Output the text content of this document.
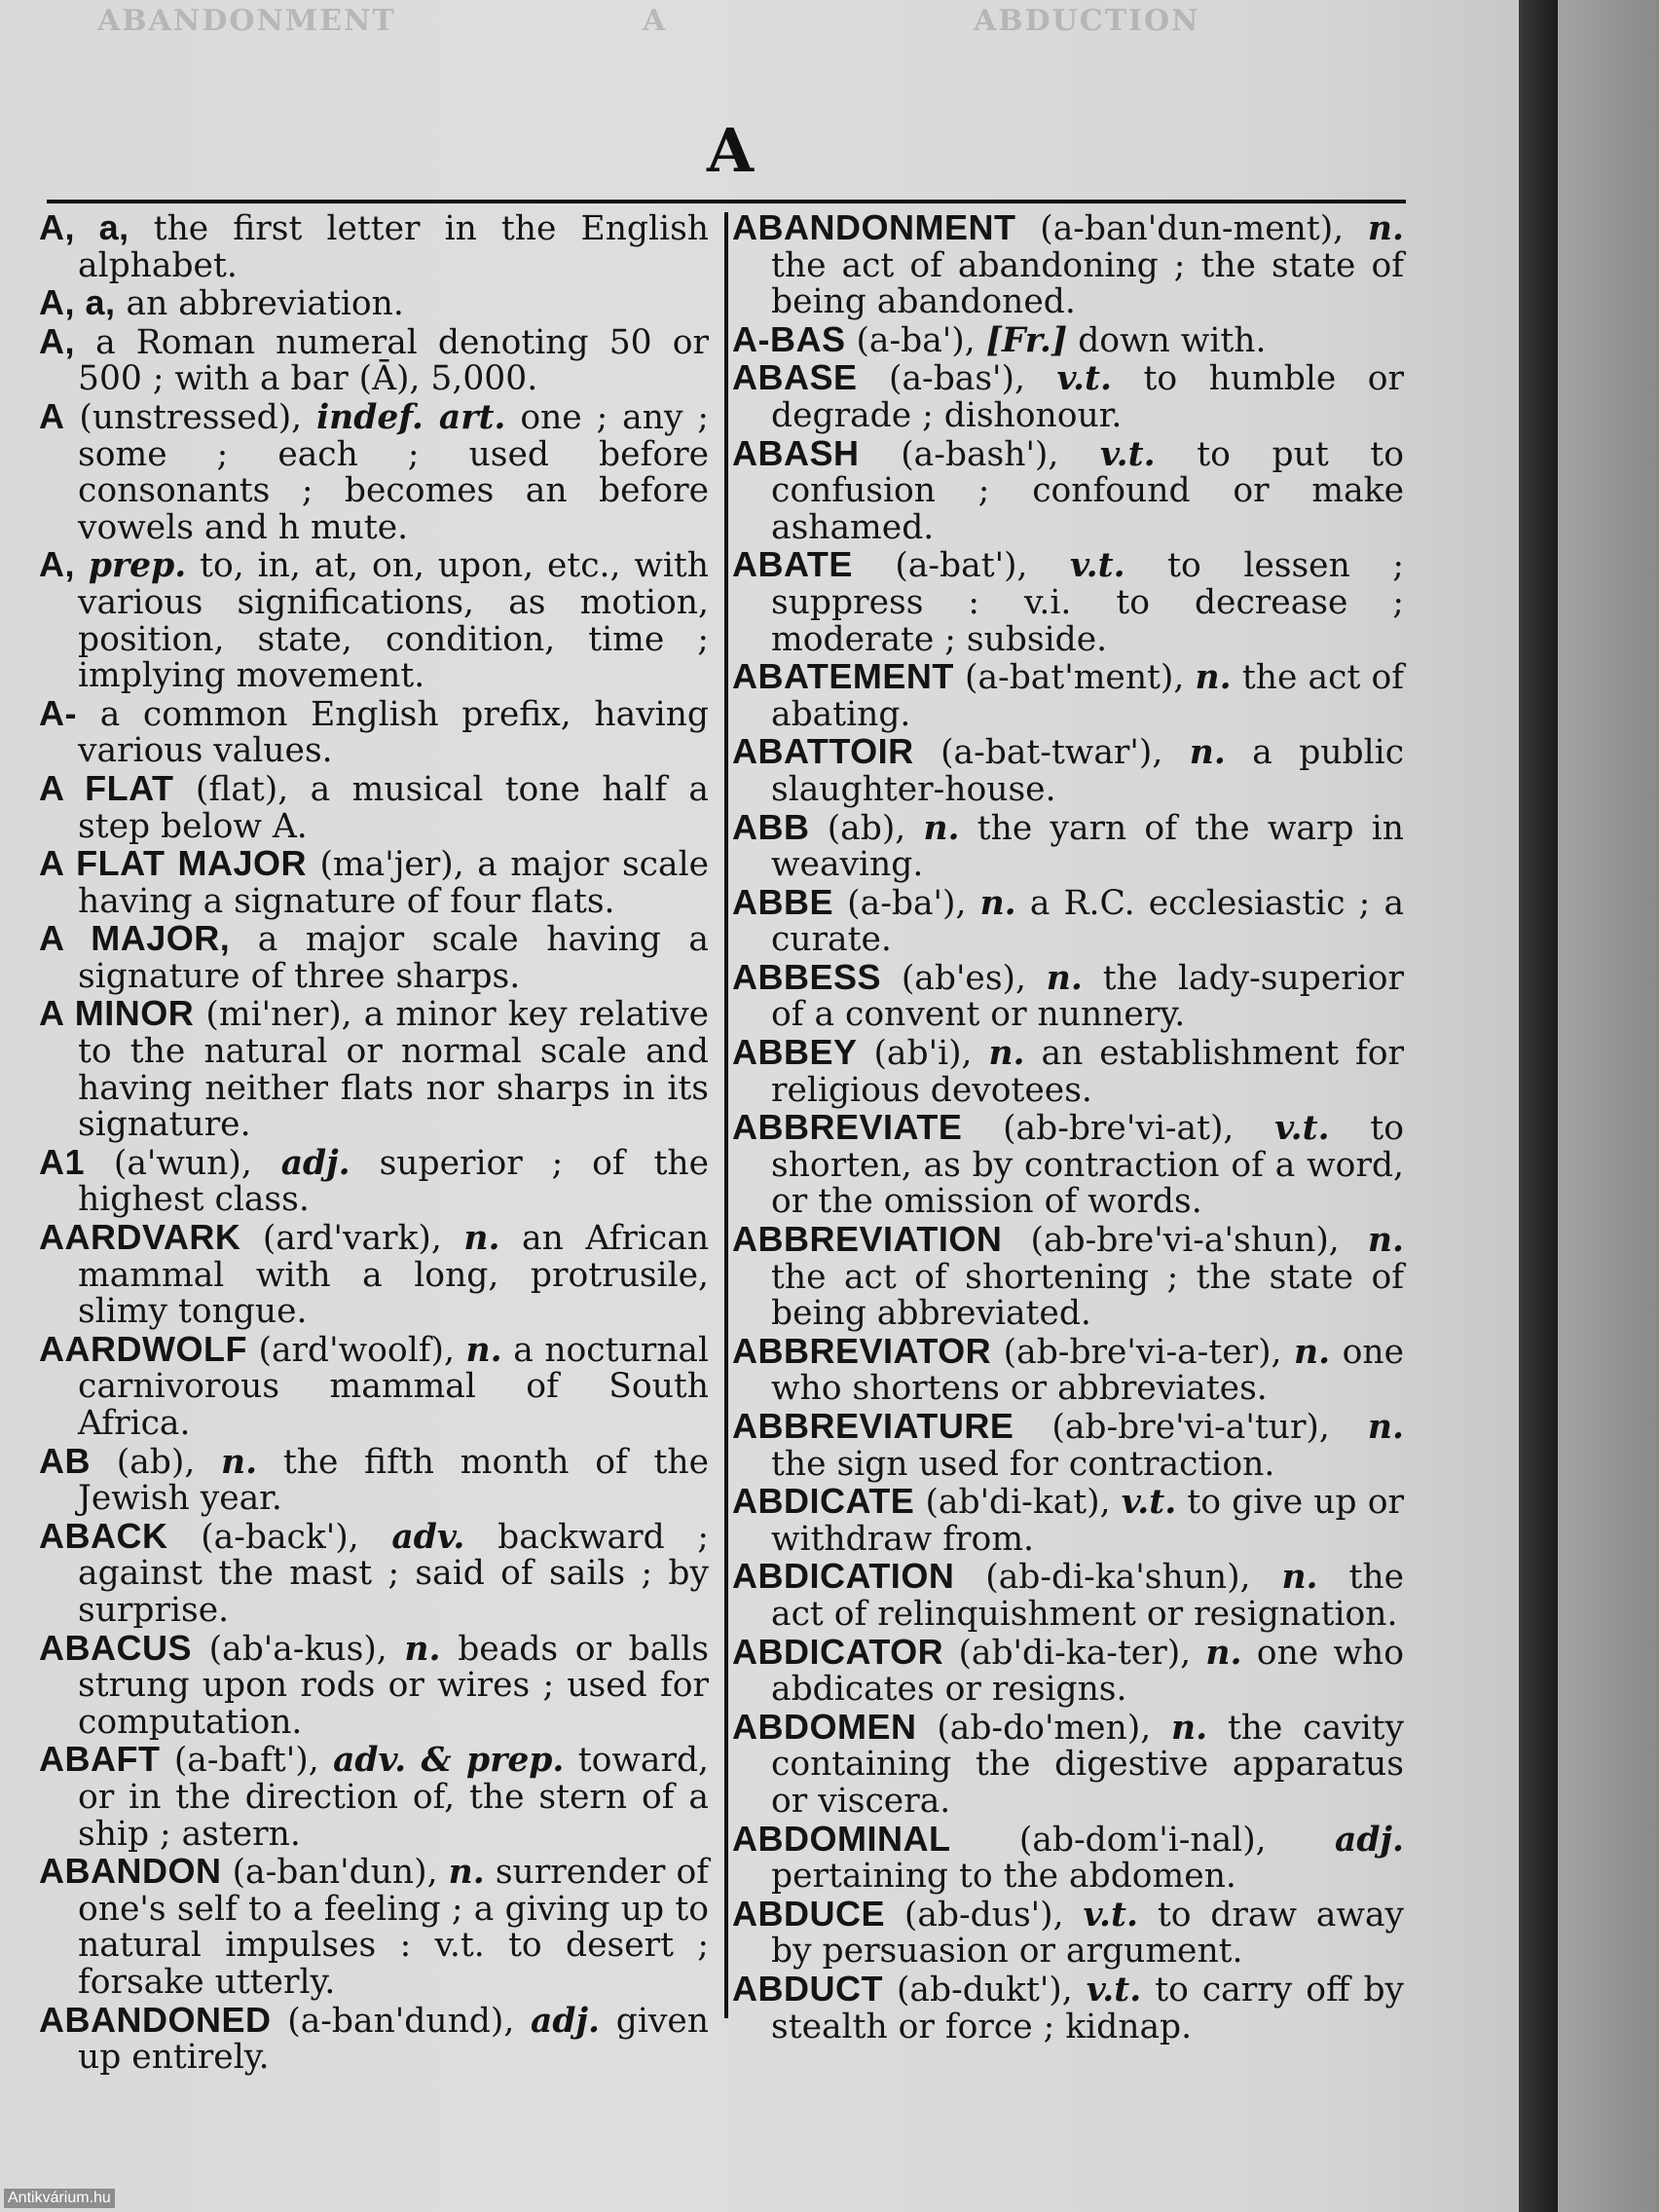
ABANDONMENT	A	ABDUCTION
A

A, a, the first letter in the English alphabet.

A, a, an abbreviation.

A, a Roman numeral denoting 50 or 500 ; with a bar (Ā), 5,000.

A (unstressed), indef. art. one ; any ; some ; each ; used before consonants ; becomes an before vowels and h mute.

A, prep. to, in, at, on, upon, etc., with various significations, as motion, position, state, condition, time ; implying movement.

A- a common English prefix, having various values.

A FLAT (flat), a musical tone half a step below A.

A FLAT MAJOR (ma'jer), a major scale having a signature of four flats.

A MAJOR, a major scale having a signature of three sharps.

A MINOR (mi'ner), a minor key relative to the natural or normal scale and having neither flats nor sharps in its signature.

A1 (a'wun), adj. superior ; of the highest class.

AARDVARK (ard'vark), n. an African mammal with a long, protrusile, slimy tongue.

AARDWOLF (ard'woolf), n. a nocturnal carnivorous mammal of South Africa.

AB (ab), n. the fifth month of the Jewish year.

ABACK (a-back'), adv. backward ; against the mast ; said of sails ; by surprise.

ABACUS (ab'a-kus), n. beads or balls strung upon rods or wires ; used for computation.

ABAFT (a-baft'), adv. & prep. toward, or in the direction of, the stern of a ship ; astern.

ABANDON (a-ban'dun), n. surrender of one's self to a feeling ; a giving up to natural impulses : v.t. to desert ; forsake utterly.

ABANDONED (a-ban'dund), adj. given up entirely.

ABANDONMENT (a-ban'dun-ment), n. the act of abandoning ; the state of being abandoned.

A-BAS (a-ba'), [Fr.] down with.

ABASE (a-bas'), v.t. to humble or degrade ; dishonour.

ABASH (a-bash'), v.t. to put to confusion ; confound or make ashamed.

ABATE (a-bat'), v.t. to lessen ; suppress : v.i. to decrease ; moderate ; subside.

ABATEMENT (a-bat'ment), n. the act of abating.

ABATTOIR (a-bat-twar'), n. a public slaughter-house.

ABB (ab), n. the yarn of the warp in weaving.

ABBE (a-ba'), n. a R.C. ecclesiastic ; a curate.

ABBESS (ab'es), n. the lady-superior of a convent or nunnery.

ABBEY (ab'i), n. an establishment for religious devotees.

ABBREVIATE (ab-bre'vi-at), v.t. to shorten, as by contraction of a word, or the omission of words.

ABBREVIATION (ab-bre'vi-a'shun), n. the act of shortening ; the state of being abbreviated.

ABBREVIATOR (ab-bre'vi-a-ter), n. one who shortens or abbreviates.

ABBREVIATURE (ab-bre'vi-a'tur), n. the sign used for contraction.

ABDICATE (ab'di-kat), v.t. to give up or withdraw from.

ABDICATION (ab-di-ka'shun), n. the act of relinquishment or resignation.

ABDICATOR (ab'di-ka-ter), n. one who abdicates or resigns.

ABDOMEN (ab-do'men), n. the cavity containing the digestive apparatus or viscera.

ABDOMINAL (ab-dom'i-nal), adj. pertaining to the abdomen.

ABDUCE (ab-dus'), v.t. to draw away by persuasion or argument.

ABDUCT (ab-dukt'), v.t. to carry off by stealth or force ; kidnap.

Antikvárium.hu
